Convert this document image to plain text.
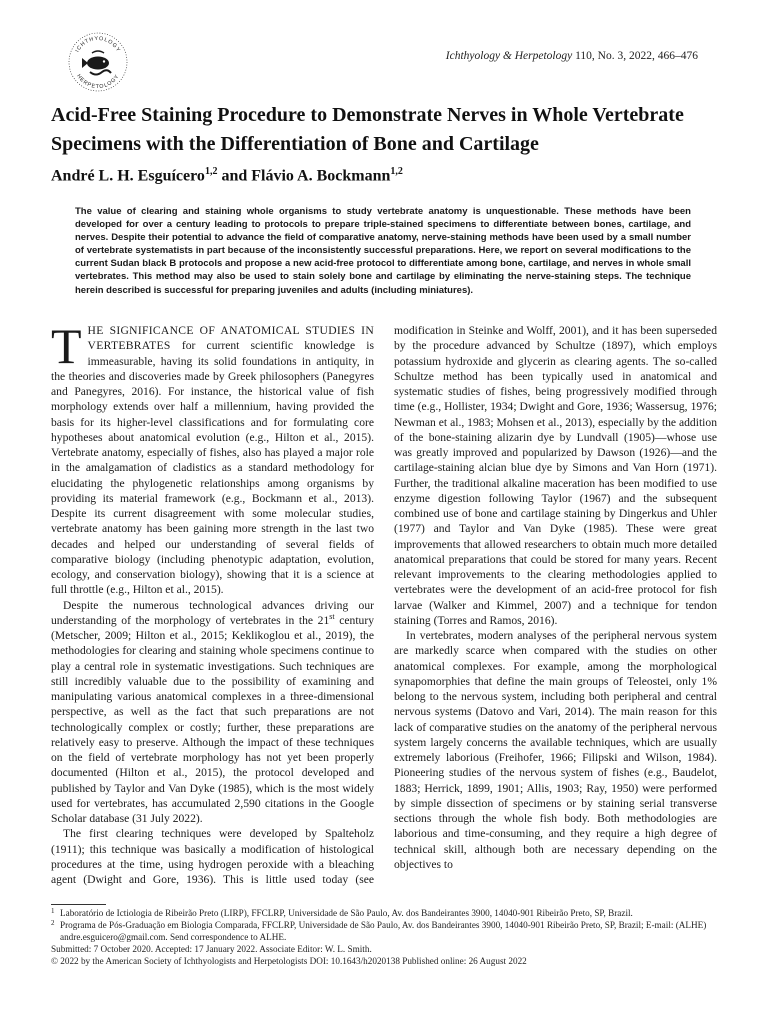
ICHTHYOLOGY
HERPETOLOGY

Ichthyology & Herpetology 110, No. 3, 2022, 466–476

Acid-Free Staining Procedure to Demonstrate Nerves in Whole Vertebrate Specimens with the Differentiation of Bone and Cartilage

André L. H. Esguícero$^{1,2}$ and Flávio A. Bockmann$^{1,2}$

The value of clearing and staining whole organisms to study vertebrate anatomy is unquestionable. These methods have been developed for over a century leading to protocols to prepare triple-stained specimens to differentiate between bones, cartilage, and nerves. Despite their potential to advance the field of comparative anatomy, nerve-staining methods have been used by a small number of vertebrate systematists in part because of the inconsistently successful preparations. Here, we report on several modifications to the current Sudan black B protocols and propose a new acid-free protocol to differentiate among bone, cartilage, and nerves in whole small vertebrates. This method may also be used to stain solely bone and cartilage by eliminating the nerve-staining steps. The technique herein described is successful for preparing juveniles and adults (including miniatures).

THE SIGNIFICANCE OF ANATOMICAL STUDIES IN VERTEBRATES for current scientific knowledge is immeasurable, having its solid foundations in antiquity, in the theories and discoveries made by Greek philosophers (Panegyres and Panegyres, 2016). For instance, the historical value of fish morphology extends over half a millennium, having provided the basis for its higher-level classifications and for formulating core hypotheses about anatomical evolution (e.g., Hilton et al., 2015). Vertebrate anatomy, especially of fishes, also has played a major role in the amalgamation of cladistics as a standard methodology for elucidating the phylogenetic relationships among organisms by providing its material framework (e.g., Bockmann et al., 2013). Despite its current disagreement with some molecular studies, vertebrate anatomy has been gaining more strength in the last two decades and helped our understanding of several fields of comparative biology (including phenotypic adaptation, evolution, ecology, and conservation biology), showing that it is a science at full throttle (e.g., Hilton et al., 2015).

Despite the numerous technological advances driving our understanding of the morphology of vertebrates in the 21st century (Metscher, 2009; Hilton et al., 2015; Keklikoglou et al., 2019), the methodologies for clearing and staining whole specimens continue to play a central role in systematic investigations. Such techniques are still incredibly valuable due to the possibility of examining and manipulating various anatomical complexes in a three-dimensional perspective, as well as the fact that such preparations are not technologically complex or costly; further, these preparations are relatively easy to preserve. Although the impact of these techniques on the field of vertebrate morphology has not yet been properly documented (Hilton et al., 2015), the protocol developed and published by Taylor and Van Dyke (1985), which is the most widely used for vertebrates, has accumulated 2,590 citations in the Google Scholar database (31 July 2022).

The first clearing techniques were developed by Spalteholz (1911); this technique was basically a modification of histological procedures at the time, using hydrogen peroxide with a bleaching agent (Dwight and Gore, 1936). This is little used today (see modification in Steinke and Wolff, 2001), and it has been superseded by the procedure advanced by Schultze (1897), which employs potassium hydroxide and glycerin as clearing agents. The so-called Schultze method has been typically used in anatomical and systematic studies of fishes, being progressively modified through time (e.g., Hollister, 1934; Dwight and Gore, 1936; Wassersug, 1976; Newman et al., 1983; Mohsen et al., 2013), especially by the addition of the bone-staining alizarin dye by Lundvall (1905)—whose use was greatly improved and popularized by Dawson (1926)—and the cartilage-staining alcian blue dye by Simons and Van Horn (1971). Further, the traditional alkaline maceration has been modified to use enzyme digestion following Taylor (1967) and the subsequent combined use of bone and cartilage staining by Dingerkus and Uhler (1977) and Taylor and Van Dyke (1985). These were great improvements that allowed researchers to obtain much more detailed anatomical preparations that could be stored for many years. Recent relevant improvements to the clearing methodologies applied to vertebrates were the development of an acid-free protocol for fish larvae (Walker and Kimmel, 2007) and a technique for tendon staining (Torres and Ramos, 2016).

In vertebrates, modern analyses of the peripheral nervous system are markedly scarce when compared with the studies on other anatomical complexes. For example, among the morphological synapomorphies that define the main groups of Teleostei, only 1% belong to the nervous system, including both peripheral and central nervous systems (Datovo and Vari, 2014). The main reason for this lack of comparative studies on the anatomy of the peripheral nervous system largely concerns the available techniques, which are usually extremely laborious (Freihofer, 1966; Filipski and Wilson, 1984). Pioneering studies of the nervous system of fishes (e.g., Baudelot, 1883; Herrick, 1899, 1901; Allis, 1903; Ray, 1950) were performed by simple dissection of specimens or by staining serial transverse sections through the whole fish body. Both methodologies are laborious and time-consuming, and they require a high degree of technical skill, although both are necessary depending on the objectives to

1 Laboratório de Ictiologia de Ribeirão Preto (LIRP), FFCLRP, Universidade de São Paulo, Av. dos Bandeirantes 3900, 14040-901 Ribeirão Preto, SP, Brazil.

2 Programa de Pós-Graduação em Biologia Comparada, FFCLRP, Universidade de São Paulo, Av. dos Bandeirantes 3900, 14040-901 Ribeirão Preto, SP, Brazil; E-mail: (ALHE) andre.esguicero@gmail.com. Send correspondence to ALHE.

Submitted: 7 October 2020. Accepted: 17 January 2022. Associate Editor: W. L. Smith.

© 2022 by the American Society of Ichthyologists and Herpetologists DOI: 10.1643/h2020138 Published online: 26 August 2022
